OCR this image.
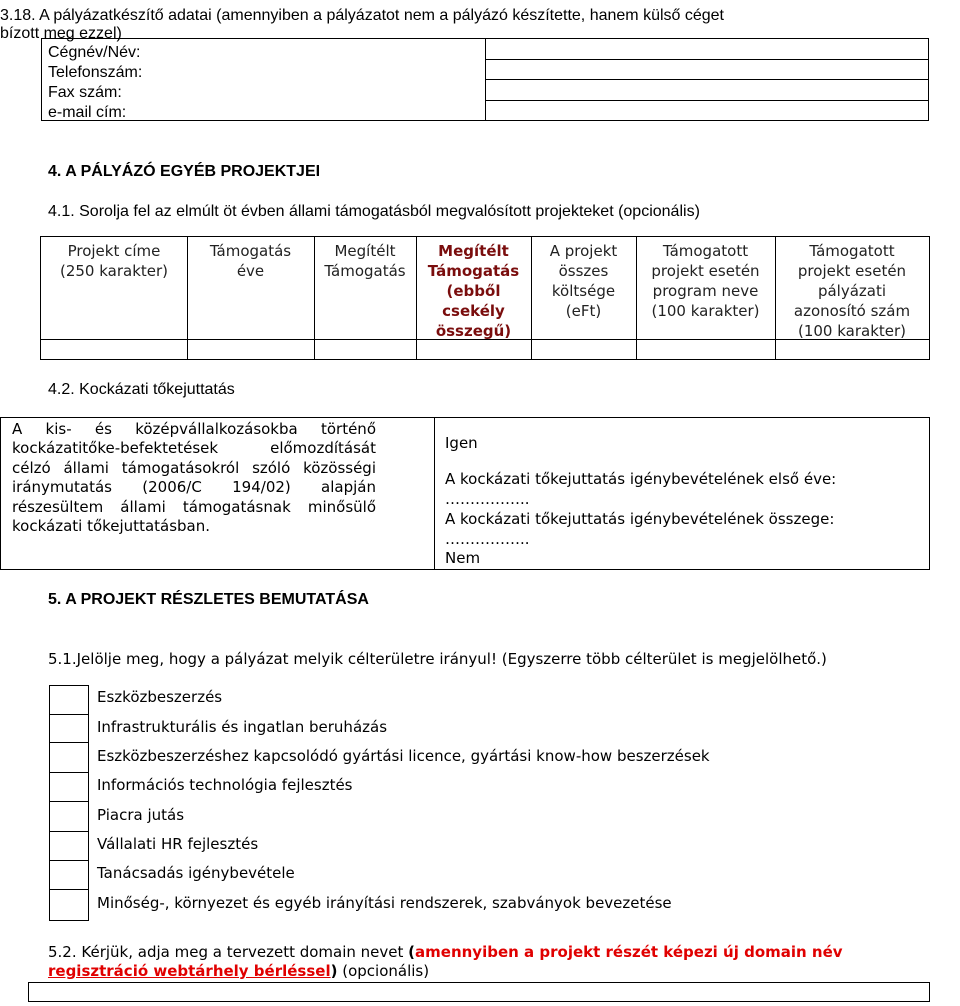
3.18. A pályázatkészítő adatai (amennyiben a pályázatot nem a pályázó készítette, hanem külső céget
bízott meg ezzel)
Cégnév/Név:
Telefonszám:
Fax szám:
e-mail cím:
4. A PÁLYÁZÓ EGYÉB PROJEKTJEI
4.1. Sorolja fel az elmúlt öt évben állami támogatásból megvalósított projekteket (opcionális)
Projekt címe
(250 karakter)
Támogatás
éve
Megítélt
Támogatás
Megítélt
Támogatás
(ebből
csekély
összegű)
A projekt
összes
költsége
(eFt)
Támogatott
projekt esetén
program neve
(100 karakter)
Támogatott
projekt esetén
pályázati
azonosító szám
(100 karakter)
4.2. Kockázati tőkejuttatás

A kis- és középvállalkozásokba történő

kockázatitőke-befektetések előmozdítását

célzó állami támogatásokról szóló közösségi

iránymutatás (2006/C 194/02) alapján

részesültem állami támogatásnak minősülő

kockázati tőkejuttatásban.

Igen
A kockázati tőkejuttatás igénybevételének első éve:
……………..
A kockázati tőkejuttatás igénybevételének összege:
……………..
Nem
5. A PROJEKT RÉSZLETES BEMUTATÁSA
5.1.Jelölje meg, hogy a pályázat melyik célterületre irányul! (Egyszerre több célterület is megjelölhető.)
Eszközbeszerzés
Infrastrukturális és ingatlan beruházás
Eszközbeszerzéshez kapcsolódó gyártási licence, gyártási know-how beszerzések
Információs technológia fejlesztés
Piacra jutás
Vállalati HR fejlesztés
Tanácsadás igénybevétele
Minőség-, környezet és egyéb irányítási rendszerek, szabványok bevezetése
5.2. Kérjük, adja meg a tervezett domain nevet (amennyiben a projekt részét képezi új domain név
regisztráció webtárhely bérléssel) (opcionális)
